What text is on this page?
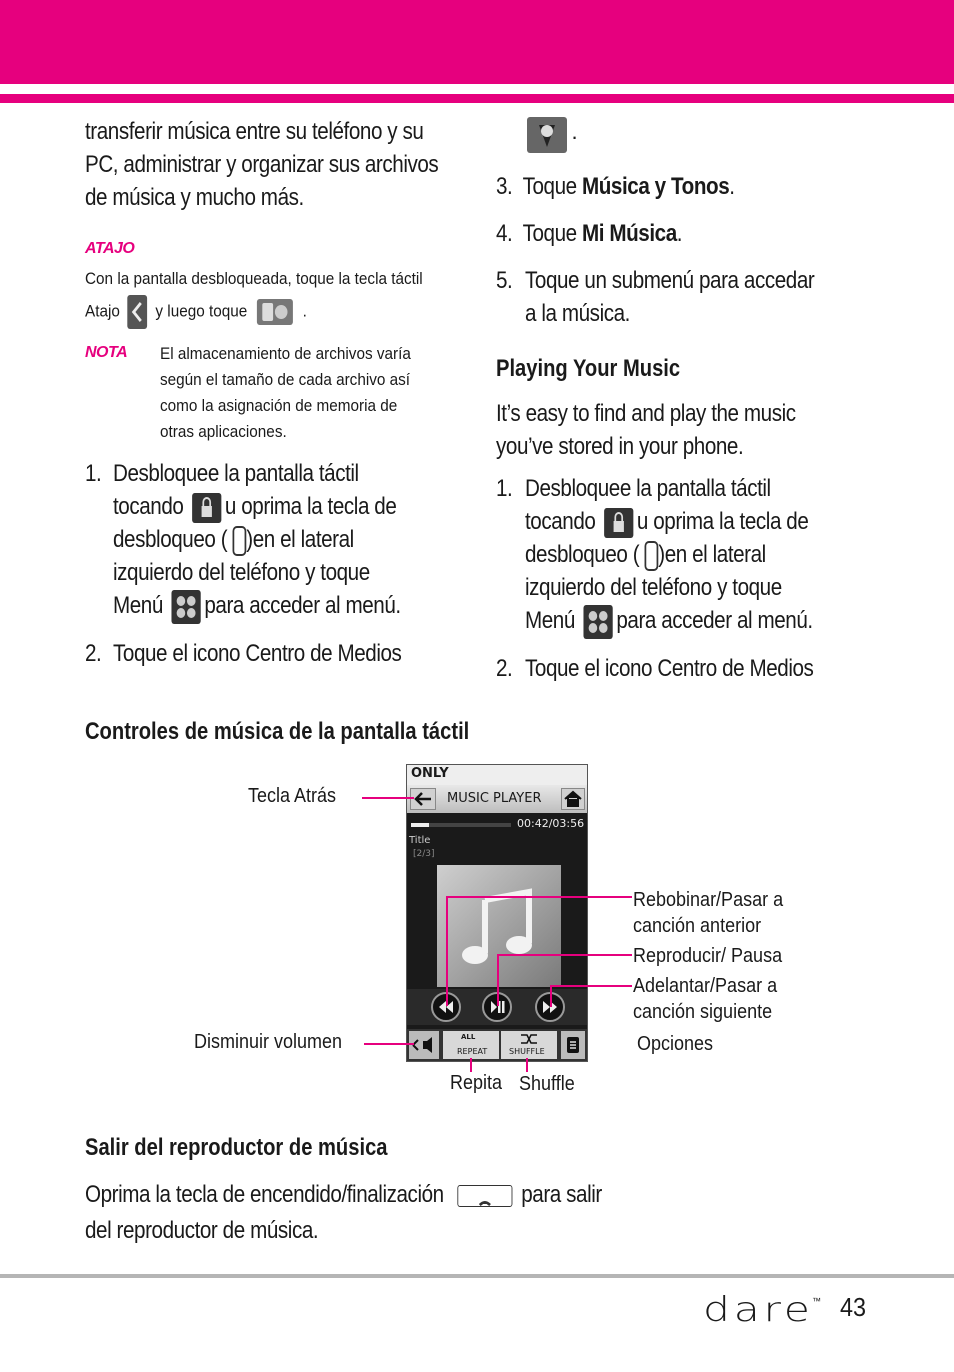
transferir música entre su teléfono y su
PC, administrar y organizar sus archivos
de música y mucho más.
ATAJO
Con la pantalla desbloqueada, toque la tecla táctil
Atajo y luego toque	.
NOTA El almacenamiento de archivos varía
según el tamaño de cada archivo así
como la asignación de memoria de
otras aplicaciones.
1. Desbloquee la pantalla táctil
tocando u oprima la tecla de
desbloqueo ( )en el lateral
izquierdo del teléfono y toque
Menú para acceder al menú.
2. Toque el icono Centro de Medios
.
3. Toque Música y Tonos.
4. Toque Mi Música.
5. Toque un submenú para accedar
a la música.
Playing Your Music
It’s easy to find and play the music
you’ve stored in your phone.
1. Desbloquee la pantalla táctil
tocando u oprima la tecla de
desbloqueo ( )en el lateral
izquierdo del teléfono y toque
Menú para acceder al menú.
2. Toque el icono Centro de Medios
Controles de música de la pantalla táctil
ONLY
MUSIC PLAYER
00:42/03:56
Title
[2/3]
ALL
REPEAT	SHUFFLE
Tecla Atrás
Rebobinar/Pasar a
canción anterior
Reproducir/ Pausa
Adelantar/Pasar a
canción siguiente
Opciones
Disminuir volumen
Repita Shuffle
Salir del reproductor de música
Oprima la tecla de encendido/finalización	para salir
del reproductor de música.
dare
™ 43
